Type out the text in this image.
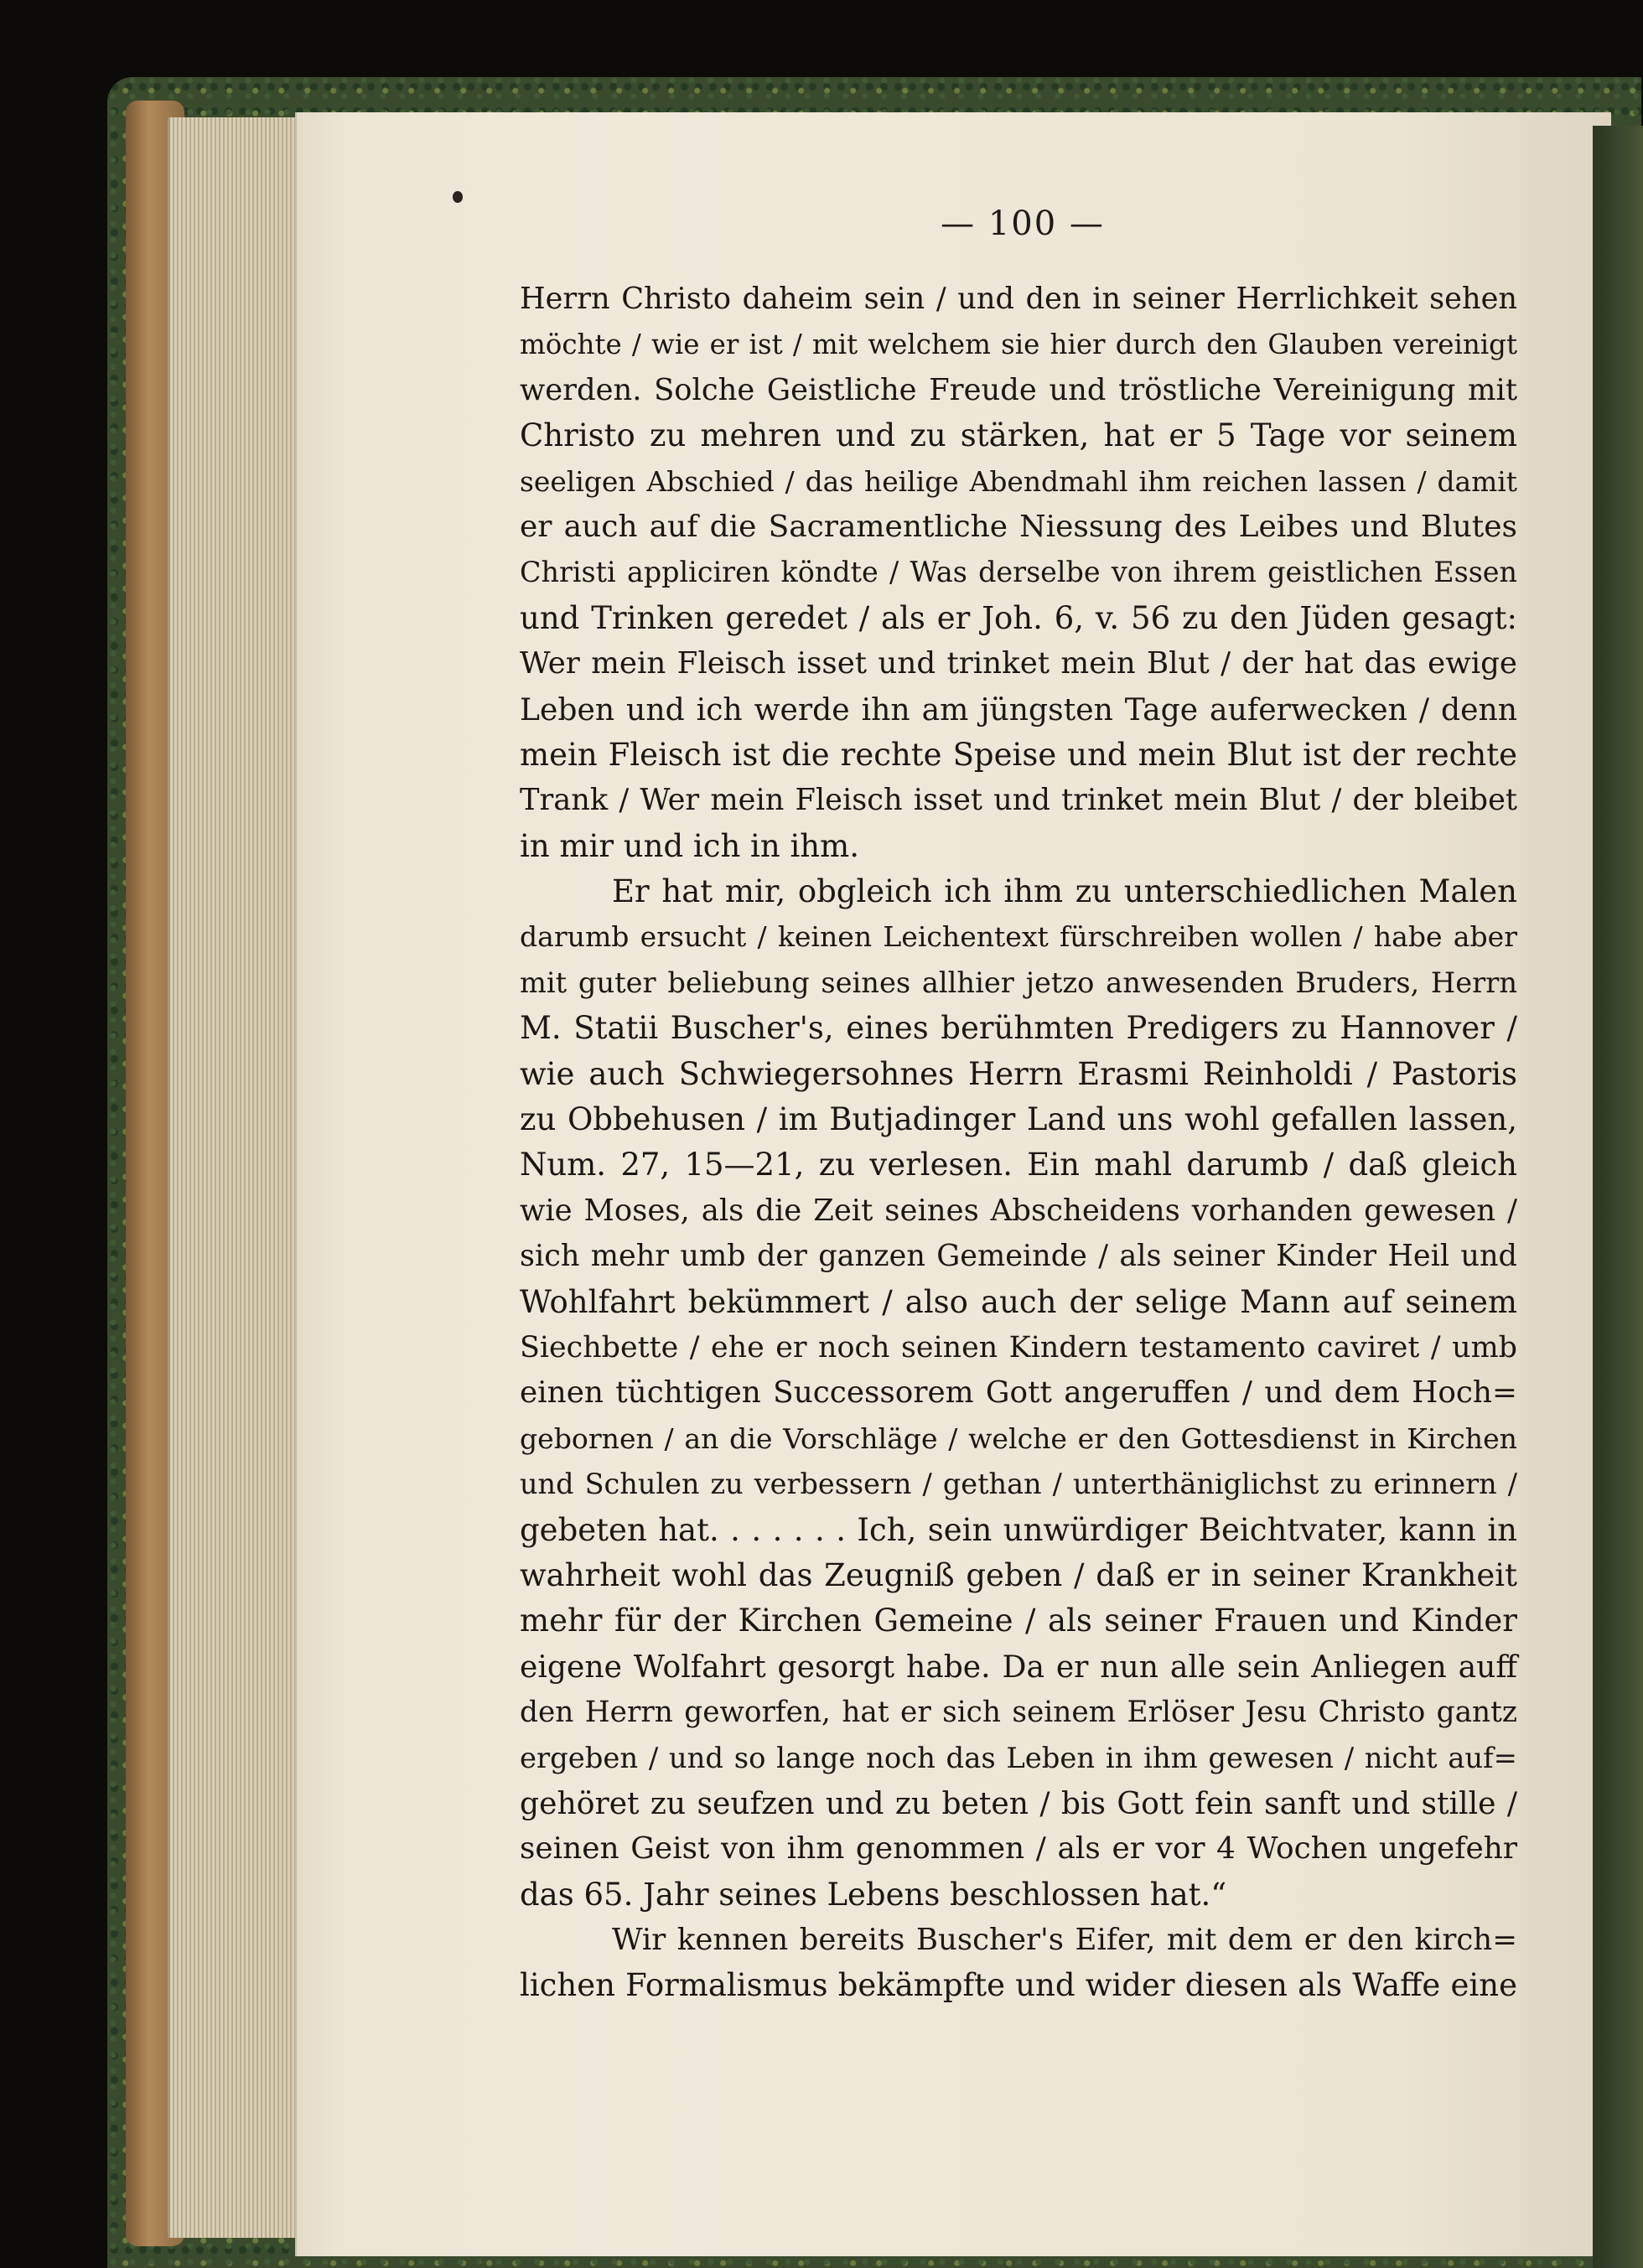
— 100 —
Herrn Christo daheim sein / und den in seiner Herrlichkeit sehen
möchte / wie er ist / mit welchem sie hier durch den Glauben vereinigt
werden. Solche Geistliche Freude und tröstliche Vereinigung mit
Christo zu mehren und zu stärken, hat er 5 Tage vor seinem
seeligen Abschied / das heilige Abendmahl ihm reichen lassen / damit
er auch auf die Sacramentliche Niessung des Leibes und Blutes
Christi appliciren köndte / Was derselbe von ihrem geistlichen Essen
und Trinken geredet / als er Joh. 6, v. 56 zu den Jüden gesagt:
Wer mein Fleisch isset und trinket mein Blut / der hat das ewige
Leben und ich werde ihn am jüngsten Tage auferwecken / denn
mein Fleisch ist die rechte Speise und mein Blut ist der rechte
Trank / Wer mein Fleisch isset und trinket mein Blut / der bleibet
in mir und ich in ihm.
Er hat mir, obgleich ich ihm zu unterschiedlichen Malen
darumb ersucht / keinen Leichentext fürschreiben wollen / habe aber
mit guter beliebung seines allhier jetzo anwesenden Bruders, Herrn
M. Statii Buscher's, eines berühmten Predigers zu Hannover /
wie auch Schwiegersohnes Herrn Erasmi Reinholdi / Pastoris
zu Obbehusen / im Butjadinger Land uns wohl gefallen lassen,
Num. 27, 15—21, zu verlesen. Ein mahl darumb / daß gleich
wie Moses, als die Zeit seines Abscheidens vorhanden gewesen /
sich mehr umb der ganzen Gemeinde / als seiner Kinder Heil und
Wohlfahrt bekümmert / also auch der selige Mann auf seinem
Siechbette / ehe er noch seinen Kindern testamento caviret / umb
einen tüchtigen Successorem Gott angeruffen / und dem Hoch=
gebornen / an die Vorschläge / welche er den Gottesdienst in Kirchen
und Schulen zu verbessern / gethan / unterthäniglichst zu erinnern /
gebeten hat. . . . . . . Ich, sein unwürdiger Beichtvater, kann in
wahrheit wohl das Zeugniß geben / daß er in seiner Krankheit
mehr für der Kirchen Gemeine / als seiner Frauen und Kinder
eigene Wolfahrt gesorgt habe. Da er nun alle sein Anliegen auff
den Herrn geworfen, hat er sich seinem Erlöser Jesu Christo gantz
ergeben / und so lange noch das Leben in ihm gewesen / nicht auf=
gehöret zu seufzen und zu beten / bis Gott fein sanft und stille /
seinen Geist von ihm genommen / als er vor 4 Wochen ungefehr
das 65. Jahr seines Lebens beschlossen hat.“
Wir kennen bereits Buscher's Eifer, mit dem er den kirch=
lichen Formalismus bekämpfte und wider diesen als Waffe eine
